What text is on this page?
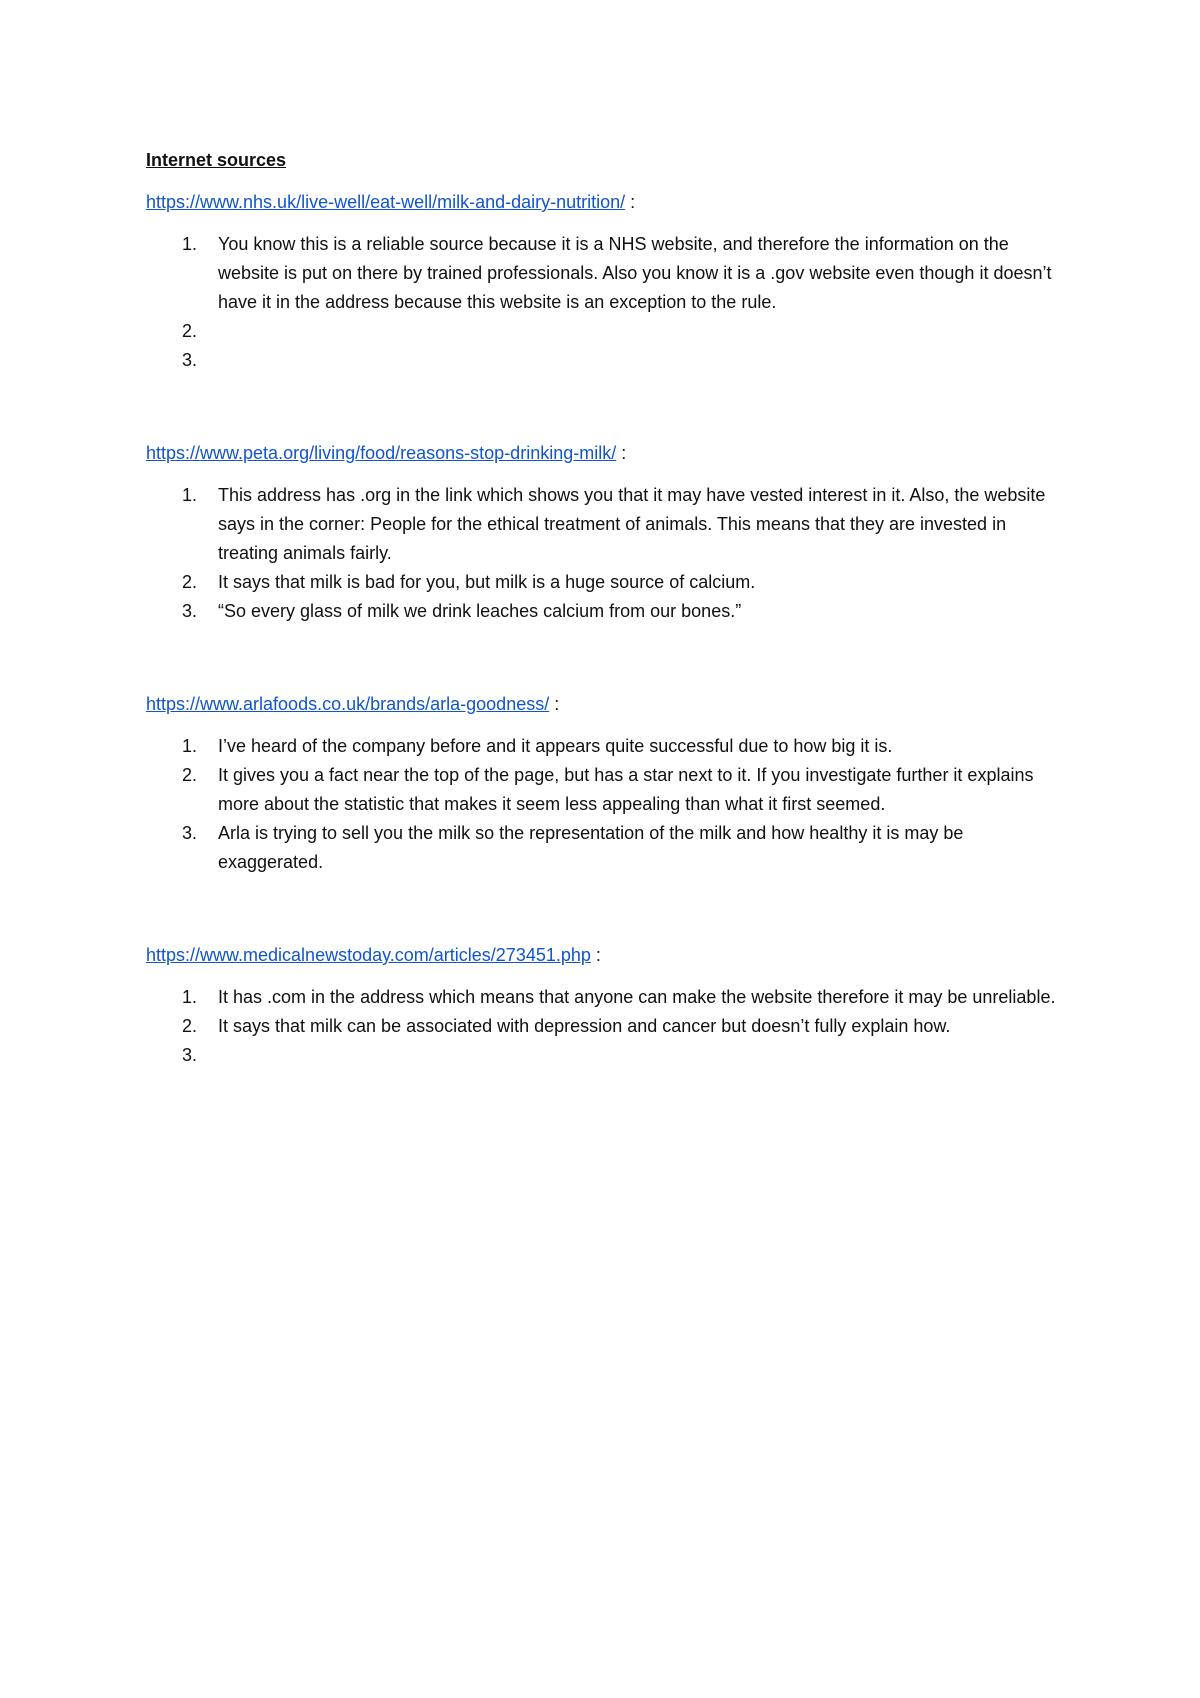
Internet sources
https://www.nhs.uk/live-well/eat-well/milk-and-dairy-nutrition/ :
1. You know this is a reliable source because it is a NHS website, and therefore the information on the website is put on there by trained professionals. Also you know it is a .gov website even though it doesn’t have it in the address because this website is an exception to the rule.
2.
3.
https://www.peta.org/living/food/reasons-stop-drinking-milk/ :
1. This address has .org in the link which shows you that it may have vested interest in it. Also, the website says in the corner: People for the ethical treatment of animals. This means that they are invested in treating animals fairly.
2. It says that milk is bad for you, but milk is a huge source of calcium.
3. “So every glass of milk we drink leaches calcium from our bones.”
https://www.arlafoods.co.uk/brands/arla-goodness/ :
1. I’ve heard of the company before and it appears quite successful due to how big it is.
2. It gives you a fact near the top of the page, but has a star next to it. If you investigate further it explains more about the statistic that makes it seem less appealing than what it first seemed.
3. Arla is trying to sell you the milk so the representation of the milk and how healthy it is may be exaggerated.
https://www.medicalnewstoday.com/articles/273451.php :
1. It has .com in the address which means that anyone can make the website therefore it may be unreliable.
2. It says that milk can be associated with depression and cancer but doesn’t fully explain how.
3.
